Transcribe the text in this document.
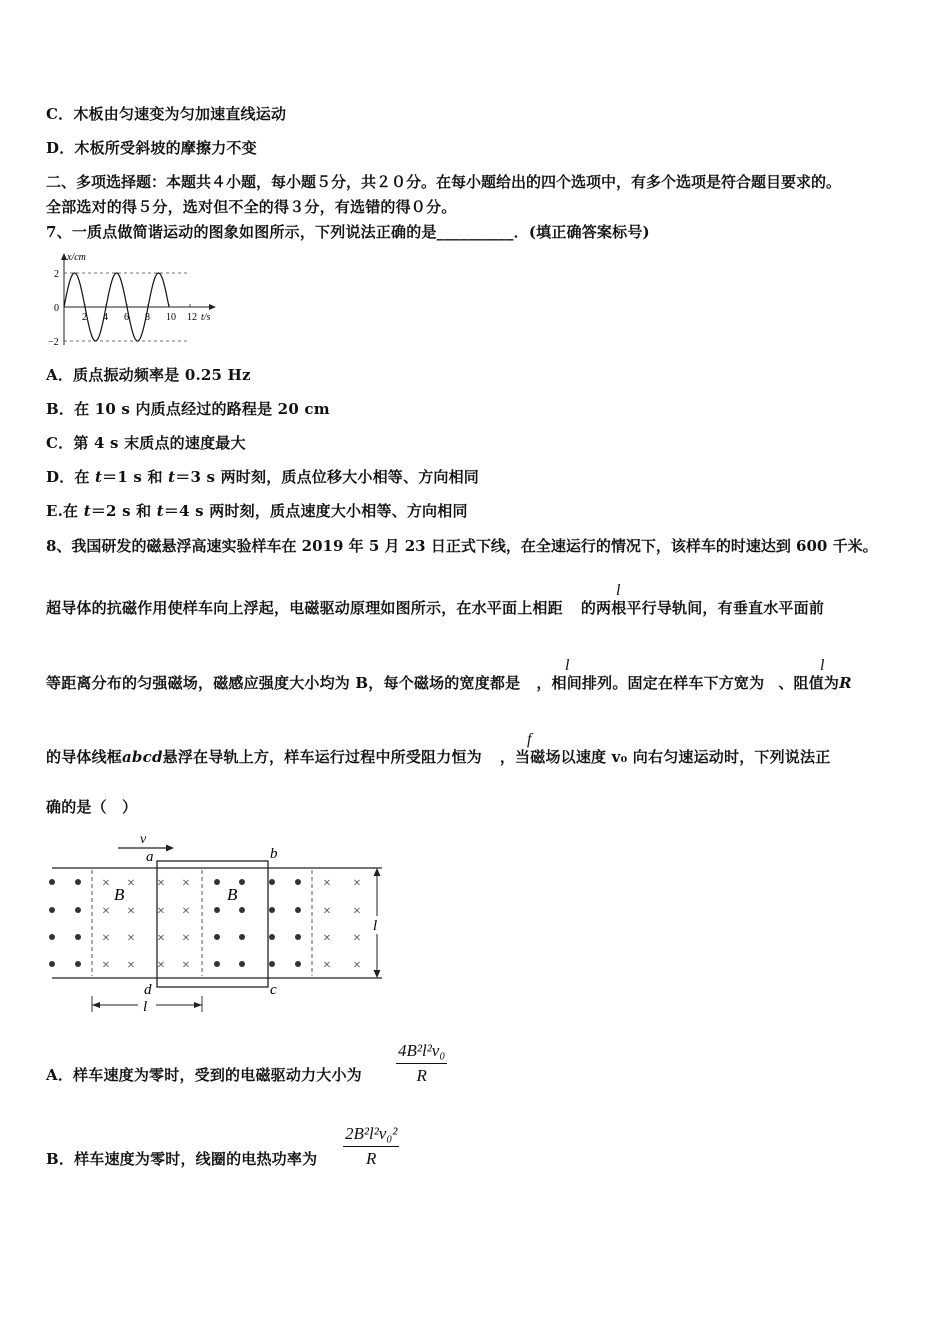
C．木板由匀速变为匀加速直线运动
D．木板所受斜坡的摩擦力不变
二、多项选择题：本题共４小题，每小题５分，共２０分。在每小题给出的四个选项中，有多个选项是符合题目要求的。
全部选对的得５分，选对但不全的得３分，有选错的得０分。
7、一质点做简谐运动的图象如图所示，下列说法正确的是__________．(填正确答案标号)
x/cm
t/s
2
0
−2
2 4 6 8 10 12
A．质点振动频率是 0.25 Hz
B．在 10 s 内质点经过的路程是 20 cm
C．第 4 s 末质点的速度最大
D．在 t＝1 s 和 t＝3 s 两时刻，质点位移大小相等、方向相同
E.在 t＝2 s 和 t＝4 s 两时刻，质点速度大小相等、方向相同
8、我国研发的磁悬浮高速实验样车在 2019 年 5 月 23 日正式下线，在全速运行的情况下，该样车的时速达到 600 千米。
超导体的抗磁作用使样车向上浮起，电磁驱动原理如图所示，在水平面上相距 的两根平行导轨间，有垂直水平面前
l
等距离分布的匀强磁场，磁感应强度大小均为 B，每个磁场的宽度都是 ，相间排列。固定在样车下方宽为 、阻值为R
l	l
的导体线框abcd悬浮在导轨上方，样车运行过程中所受阻力恒为 ，当磁场以速度 v₀ 向右匀速运动时，下列说法正
f
确的是（　）
v
×
×
×
×
×
×
×
×
×
×
×
×
×
×
×
×
×
×
×
×
×
×
×
×
a	b
c
d
B	B
l
l
A．样车速度为零时，受到的电磁驱动力大小为 $\frac{\text{4B²l²v₀}}{R}$
B．样车速度为零时，线圈的电热功率为 $\frac{\text{2B²l²v₀²}}{R}$
